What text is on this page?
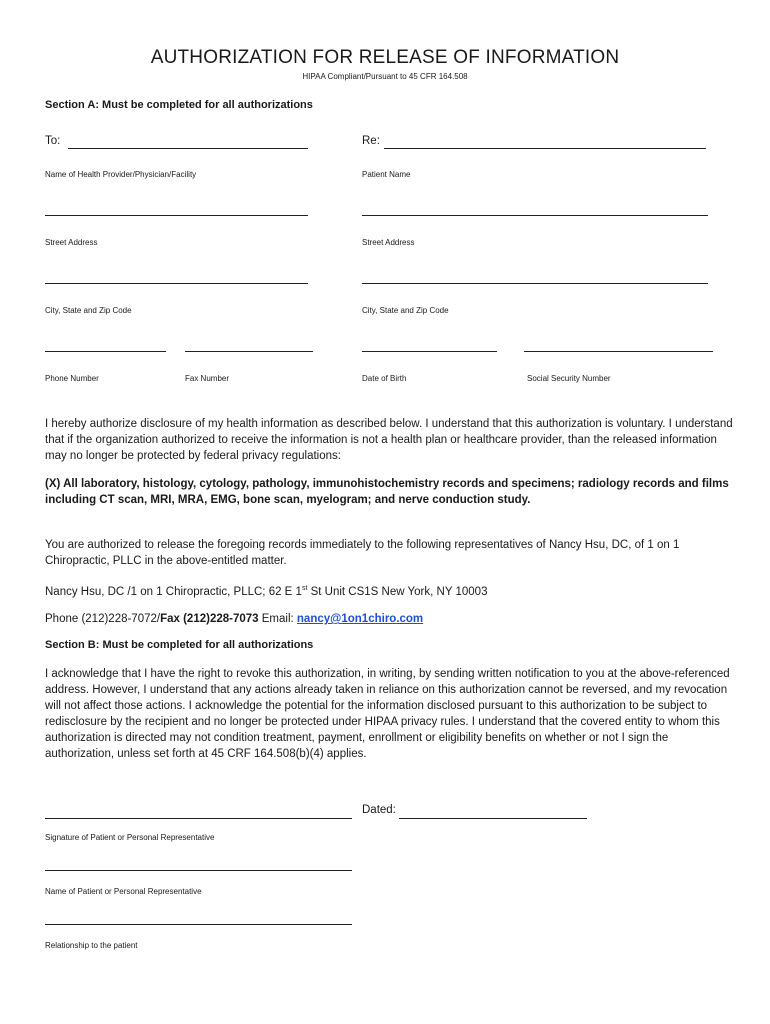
AUTHORIZATION FOR RELEASE OF INFORMATION
HIPAA Compliant/Pursuant to 45 CFR 164.508
Section A: Must be completed for all authorizations
To:	Re:
Name of Health Provider/Physician/Facility	Patient Name
Street Address	Street Address
City, State and Zip Code	City, State and Zip Code
Phone Number	Fax Number	Date of Birth	Social Security Number
I hereby authorize disclosure of my health information as described below. I understand that this authorization is voluntary. I understand that if the organization authorized to receive the information is not a health plan or healthcare provider, than the released information may no longer be protected by federal privacy regulations:
(X) All laboratory, histology, cytology, pathology, immunohistochemistry records and specimens; radiology records and films including CT scan, MRI, MRA, EMG, bone scan, myelogram; and nerve conduction study.
You are authorized to release the foregoing records immediately to the following representatives of Nancy Hsu, DC, of 1 on 1 Chiropractic, PLLC in the above-entitled matter.
Nancy Hsu, DC /1 on 1 Chiropractic, PLLC; 62 E 1st St Unit CS1S New York, NY 10003
Phone (212)228-7072/Fax (212)228-7073 Email: nancy@1on1chiro.com
Section B: Must be completed for all authorizations
I acknowledge that I have the right to revoke this authorization, in writing, by sending written notification to you at the above-referenced address. However, I understand that any actions already taken in reliance on this authorization cannot be reversed, and my revocation will not affect those actions. I acknowledge the potential for the information disclosed pursuant to this authorization to be subject to redisclosure by the recipient and no longer be protected under HIPAA privacy rules. I understand that the covered entity to whom this authorization is directed may not condition treatment, payment, enrollment or eligibility benefits on whether or not I sign the authorization, unless set forth at 45 CRF 164.508(b)(4) applies.
Dated:
Signature of Patient or Personal Representative
Name of Patient or Personal Representative
Relationship to the patient
